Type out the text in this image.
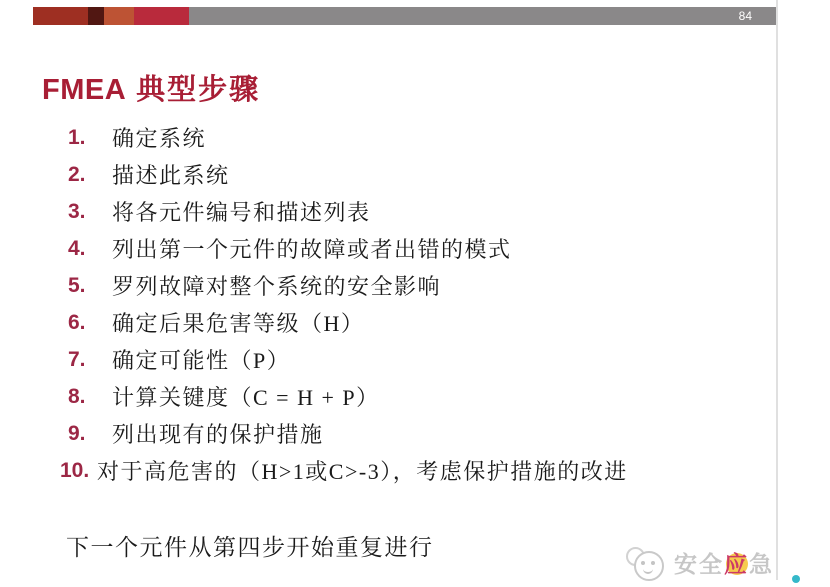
84
FMEA 典型步骤
1.	确定系统
2.	描述此系统
3.	将各元件编号和描述列表
4.	列出第一个元件的故障或者出错的模式
5.	罗列故障对整个系统的安全影响
6.	确定后果危害等级（H）
7.	确定可能性（P）
8.	计算关键度（C = H + P）
9.	列出现有的保护措施
10. 对于高危害的（H>1或C>-3），考虑保护措施的改进
下一个元件从第四步开始重复进行
安全应急
